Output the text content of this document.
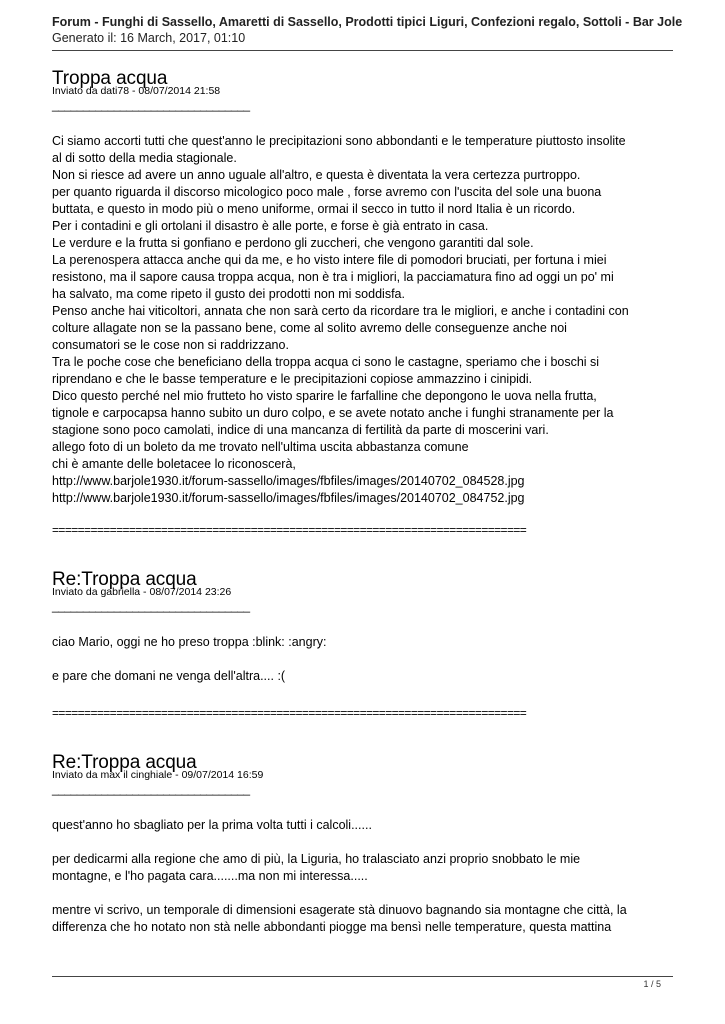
Forum - Funghi di Sassello, Amaretti di Sassello, Prodotti tipici Liguri, Confezioni regalo, Sottoli - Bar Jole
Generato il: 16 March, 2017, 01:10
Troppa acqua
Inviato da dati78 - 08/07/2014 21:58
________________________________
Ci siamo accorti tutti che quest'anno le precipitazioni sono abbondanti e le temperature piuttosto insolite
al di sotto della media stagionale.
Non si riesce ad avere un anno uguale all'altro, e questa è diventata la vera certezza purtroppo.
per quanto riguarda il discorso micologico poco male , forse avremo con l'uscita del sole una buona
buttata, e questo in modo più o meno uniforme, ormai il secco in tutto il nord Italia è un ricordo.
Per i contadini e gli ortolani il disastro è alle porte, e forse è già entrato in casa.
Le verdure e la frutta si gonfiano e perdono gli zuccheri, che vengono garantiti dal sole.
La perenospera attacca anche qui da me, e ho visto intere file di pomodori bruciati, per fortuna i miei
resistono, ma il sapore causa troppa acqua, non è tra i migliori, la pacciamatura fino ad oggi un po' mi
ha salvato, ma come ripeto il gusto dei prodotti non mi soddisfa.
Penso anche hai viticoltori, annata che non sarà certo da ricordare tra le migliori, e anche i contadini con
colture allagate non se la passano bene, come al solito avremo delle conseguenze anche noi
consumatori se le cose non si raddrizzano.
Tra le poche cose che beneficiano della troppa acqua ci sono le castagne, speriamo che i boschi si
riprendano e che le basse temperature e le precipitazioni copiose ammazzino i cinipidi.
Dico questo perché nel mio frutteto ho visto sparire le farfalline che depongono le uova nella frutta,
tignole e carpocapsa hanno subito un duro colpo, e se avete notato anche i funghi stranamente per la
stagione sono poco camolati, indice di una mancanza di fertilità da parte di moscerini vari.
allego foto di un boleto da me trovato nell'ultima uscita abbastanza comune
chi è amante delle boletacee lo riconoscerà,
http://www.barjole1930.it/forum-sassello/images/fbfiles/images/20140702_084528.jpg
http://www.barjole1930.it/forum-sassello/images/fbfiles/images/20140702_084752.jpg
==========================================================================
Re:Troppa acqua
Inviato da gabriella - 08/07/2014 23:26
________________________________
ciao Mario, oggi ne ho preso troppa :blink: :angry:
e pare che domani ne venga dell'altra.... :(
==========================================================================
Re:Troppa acqua
Inviato da max il cinghiale - 09/07/2014 16:59
________________________________
quest'anno ho sbagliato per la prima volta tutti i calcoli......
per dedicarmi alla regione che amo di più, la Liguria, ho tralasciato anzi proprio snobbato le mie
montagne, e l'ho pagata cara.......ma non mi interessa.....
mentre vi scrivo, un temporale di dimensioni esagerate stà dinuovo bagnando sia montagne che città, la
differenza che ho notato non stà nelle abbondanti piogge ma bensì nelle temperature, questa mattina
1 / 5
